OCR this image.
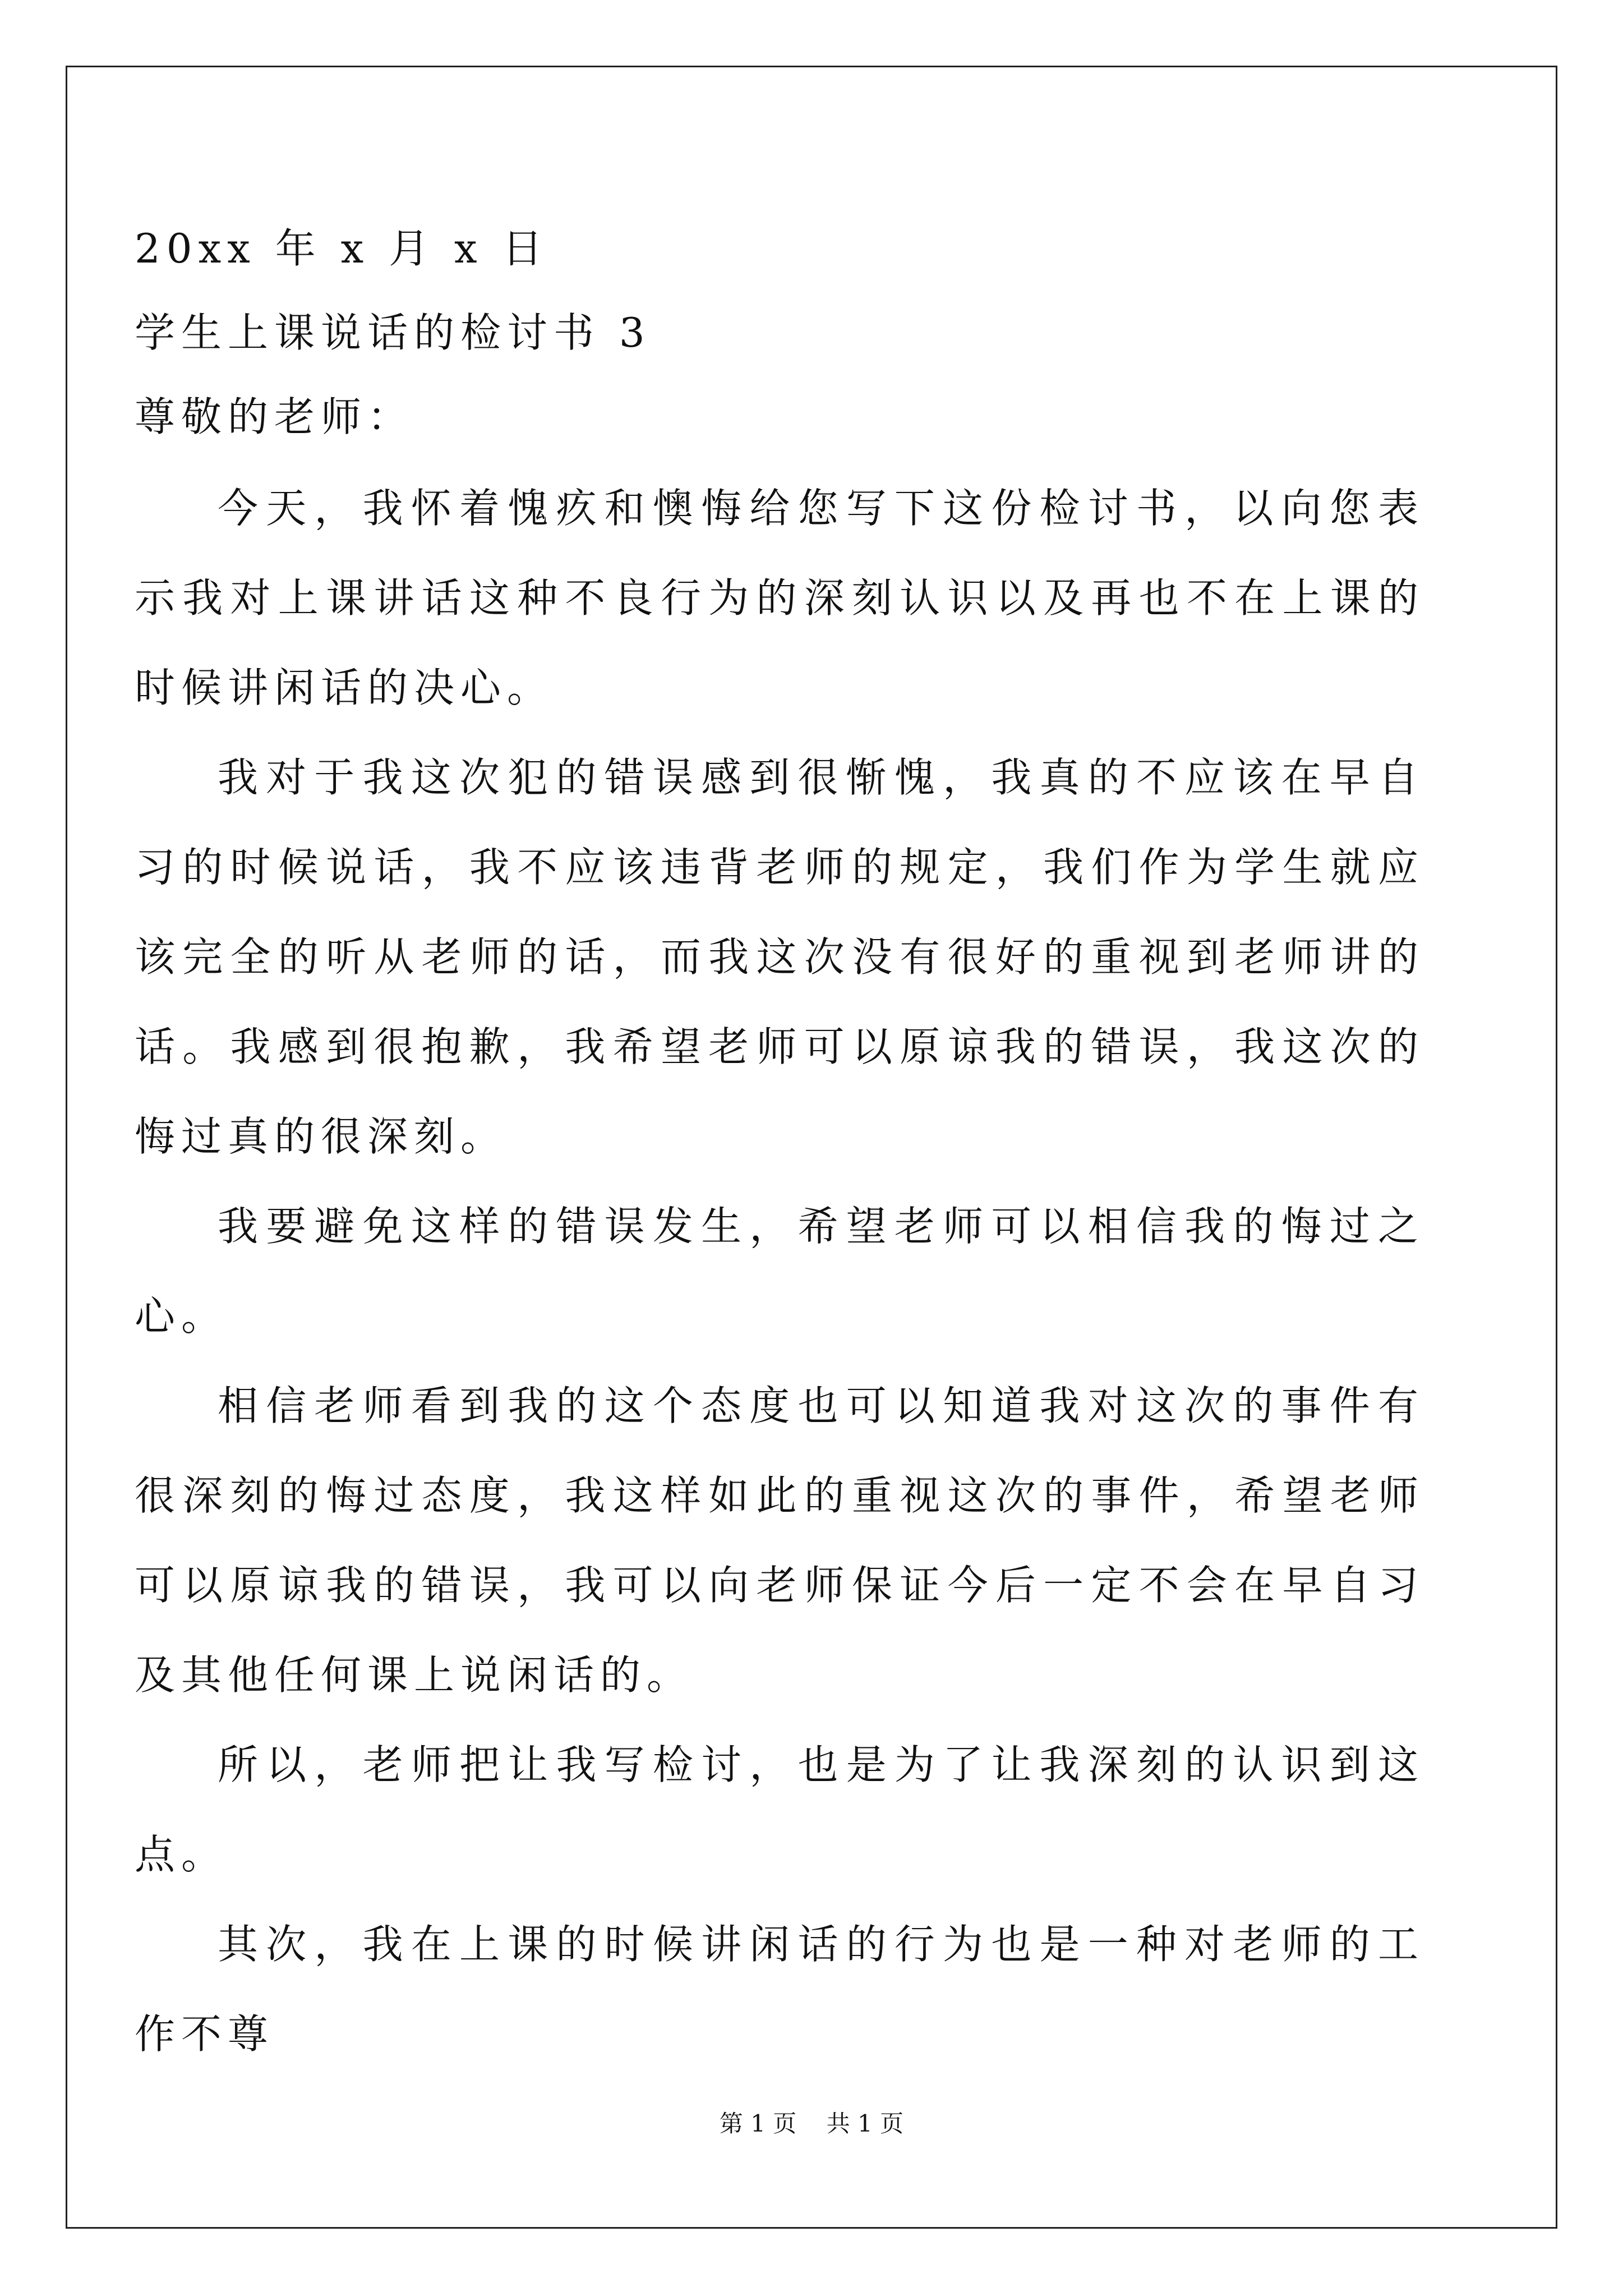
20xx 年 x 月 x 日
学生上课说话的检讨书 3
尊敬的老师：

今天，我怀着愧疚和懊悔给您写下这份检讨书，以向您表示我对上课讲话这种不良行为的深刻认识以及再也不在上课的时候讲闲话的决心。

我对于我这次犯的错误感到很惭愧，我真的不应该在早自习的时候说话，我不应该违背老师的规定，我们作为学生就应该完全的听从老师的话，而我这次没有很好的重视到老师讲的话。我感到很抱歉，我希望老师可以原谅我的错误，我这次的悔过真的很深刻。

我要避免这样的错误发生，希望老师可以相信我的悔过之心。

相信老师看到我的这个态度也可以知道我对这次的事件有很深刻的悔过态度，我这样如此的重视这次的事件，希望老师可以原谅我的错误，我可以向老师保证今后一定不会在早自习及其他任何课上说闲话的。

所以，老师把让我写检讨，也是为了让我深刻的认识到这点。

其次，我在上课的时候讲闲话的行为也是一种对老师的工作不尊

第 1 页    共 1 页
